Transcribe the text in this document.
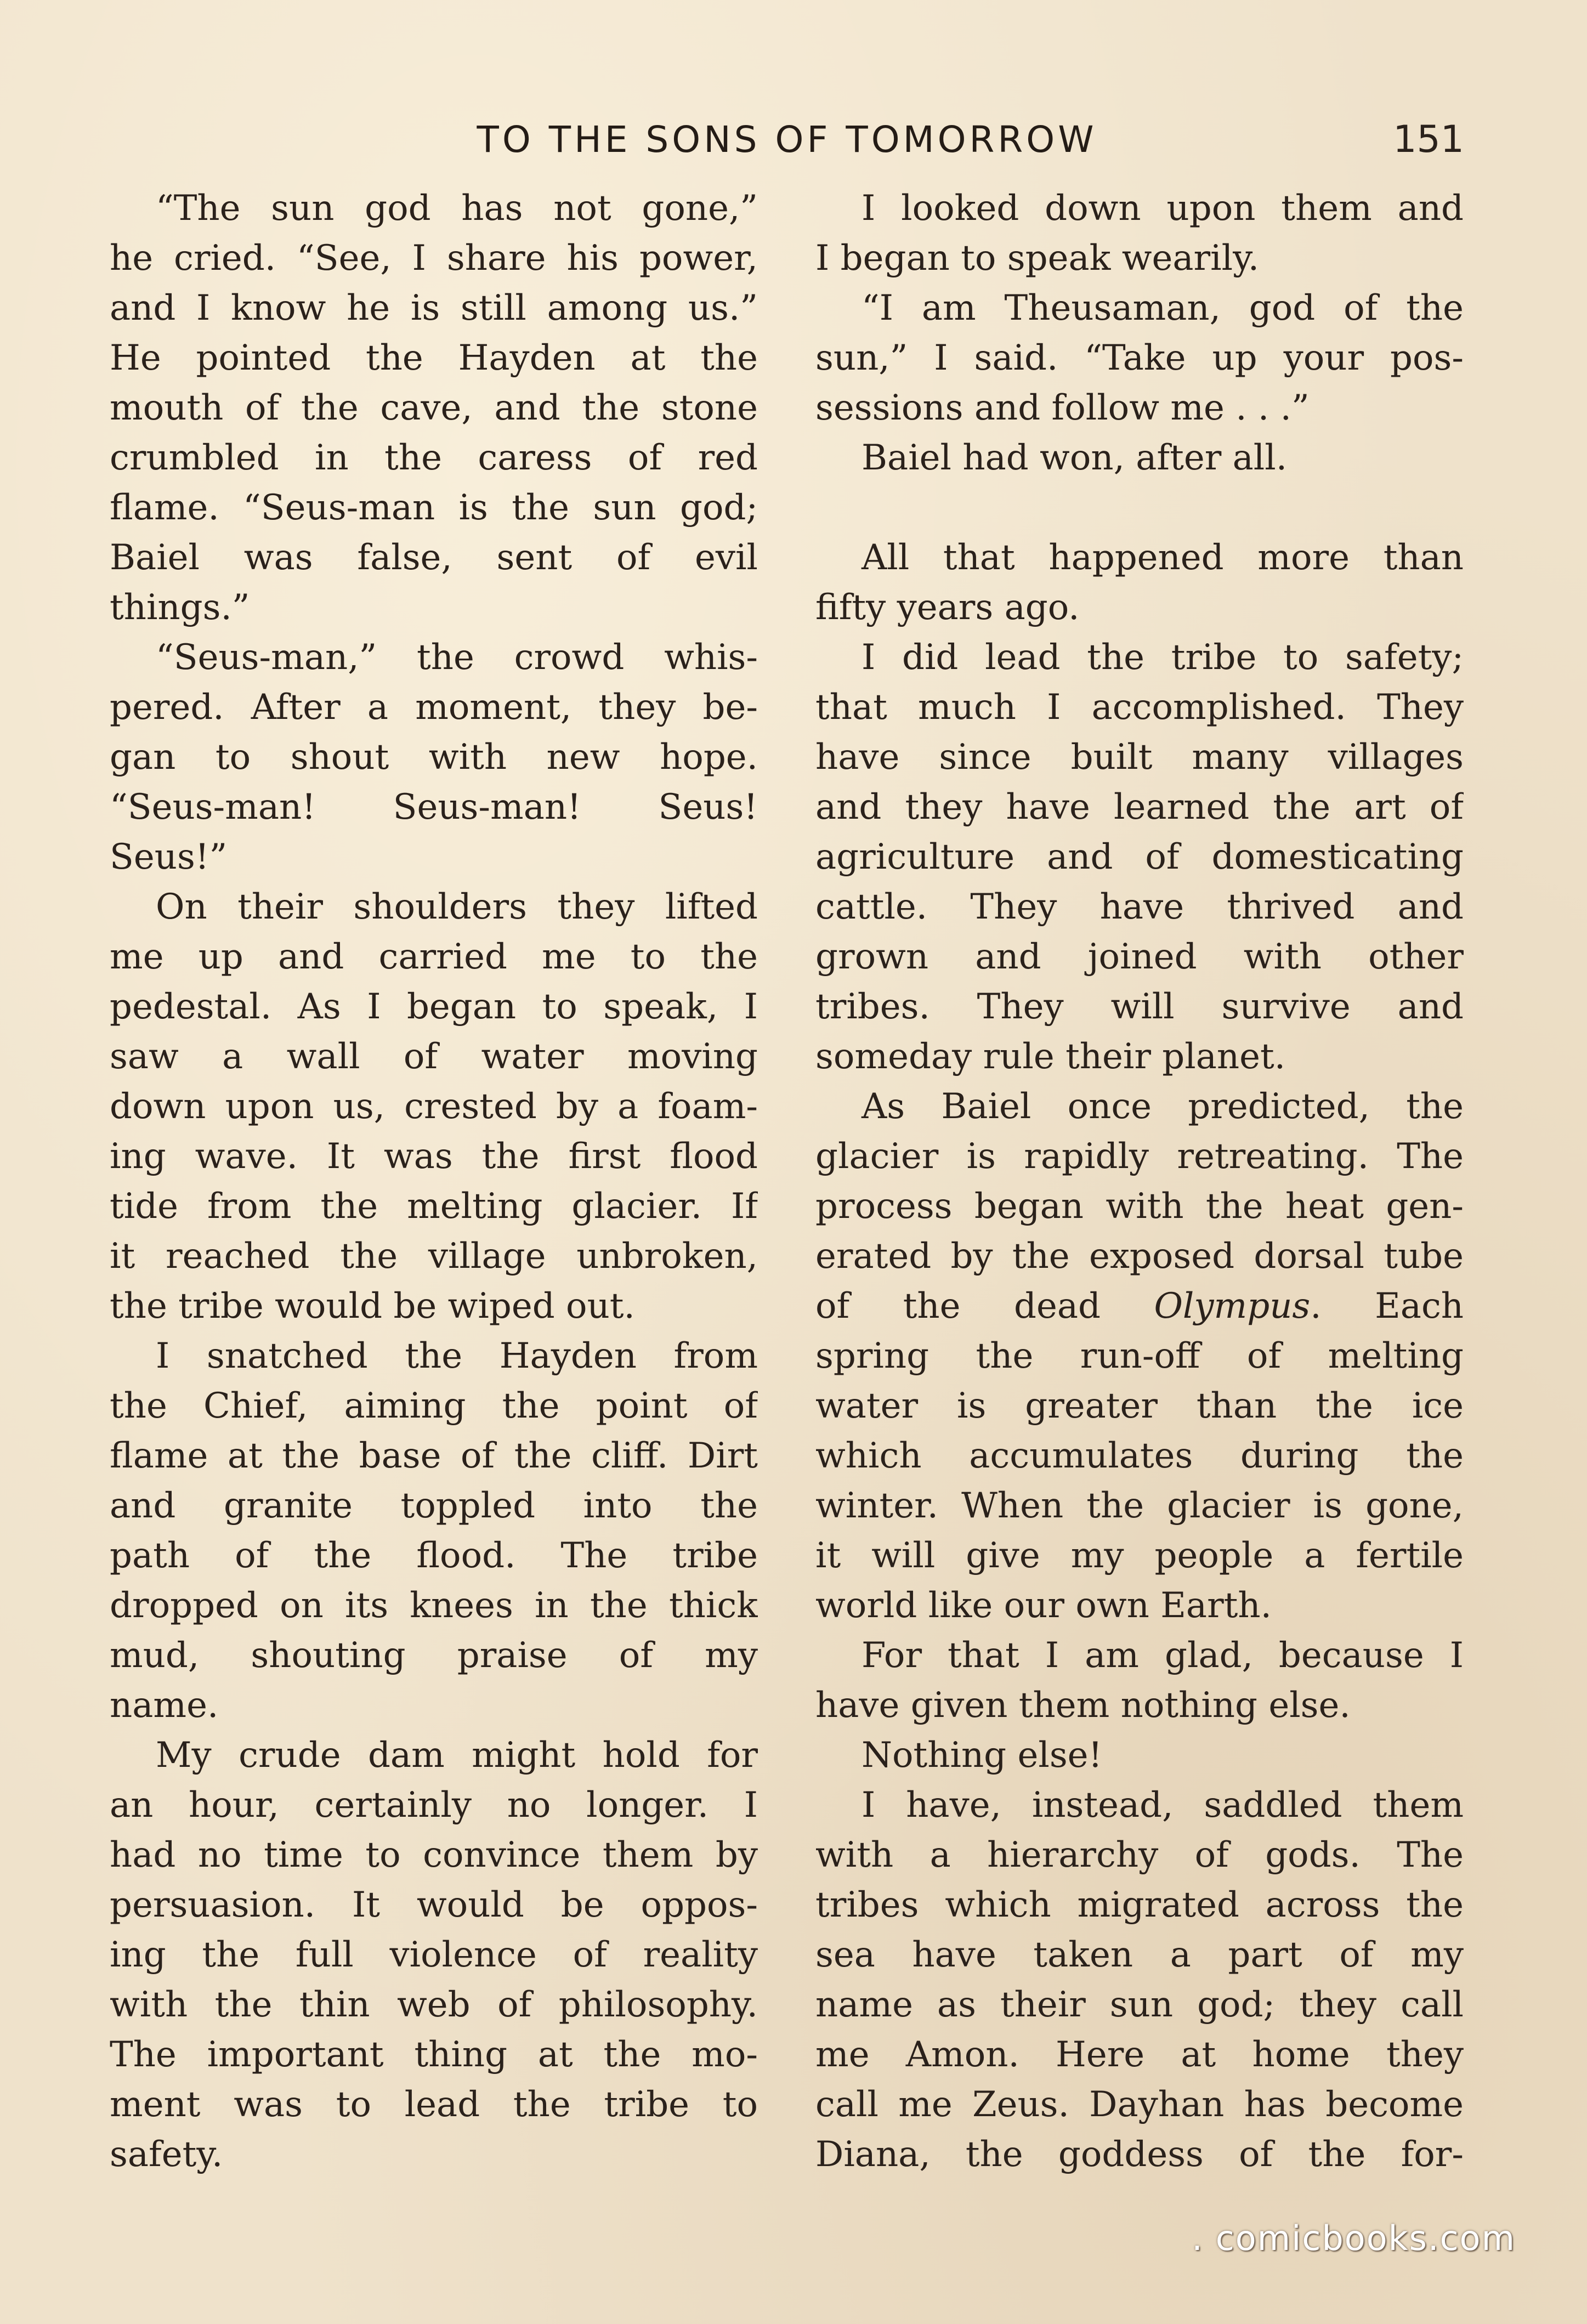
TO THE SONS OF TOMORROW	151
“The sun god has not gone,”
he cried. “See, I share his power,
and I know he is still among us.”
He pointed the Hayden at the
mouth of the cave, and the stone
crumbled in the caress of red
flame. “Seus-man is the sun god;
Baiel was false, sent of evil
things.”
“Seus-man,” the crowd whis-
pered. After a moment, they be-
gan to shout with new hope.
“Seus-man! Seus-man! Seus!
Seus!”
On their shoulders they lifted
me up and carried me to the
pedestal. As I began to speak, I
saw a wall of water moving
down upon us, crested by a foam-
ing wave. It was the first flood
tide from the melting glacier. If
it reached the village unbroken,
the tribe would be wiped out.
I snatched the Hayden from
the Chief, aiming the point of
flame at the base of the cliff. Dirt
and granite toppled into the
path of the flood. The tribe
dropped on its knees in the thick
mud, shouting praise of my
name.
My crude dam might hold for
an hour, certainly no longer. I
had no time to convince them by
persuasion. It would be oppos-
ing the full violence of reality
with the thin web of philosophy.
The important thing at the mo-
ment was to lead the tribe to
safety.
I looked down upon them and
I began to speak wearily.
“I am Theusaman, god of the
sun,” I said. “Take up your pos-
sessions and follow me . . .”
Baiel had won, after all.
All that happened more than
fifty years ago.
I did lead the tribe to safety;
that much I accomplished. They
have since built many villages
and they have learned the art of
agriculture and of domesticating
cattle. They have thrived and
grown and joined with other
tribes. They will survive and
someday rule their planet.
As Baiel once predicted, the
glacier is rapidly retreating. The
process began with the heat gen-
erated by the exposed dorsal tube
of the dead Olympus. Each
spring the run-off of melting
water is greater than the ice
which accumulates during the
winter. When the glacier is gone,
it will give my people a fertile
world like our own Earth.
For that I am glad, because I
have given them nothing else.
Nothing else!
I have, instead, saddled them
with a hierarchy of gods. The
tribes which migrated across the
sea have taken a part of my
name as their sun god; they call
me Amon. Here at home they
call me Zeus. Dayhan has become
Diana, the goddess of the for-
. comicbooks.com
